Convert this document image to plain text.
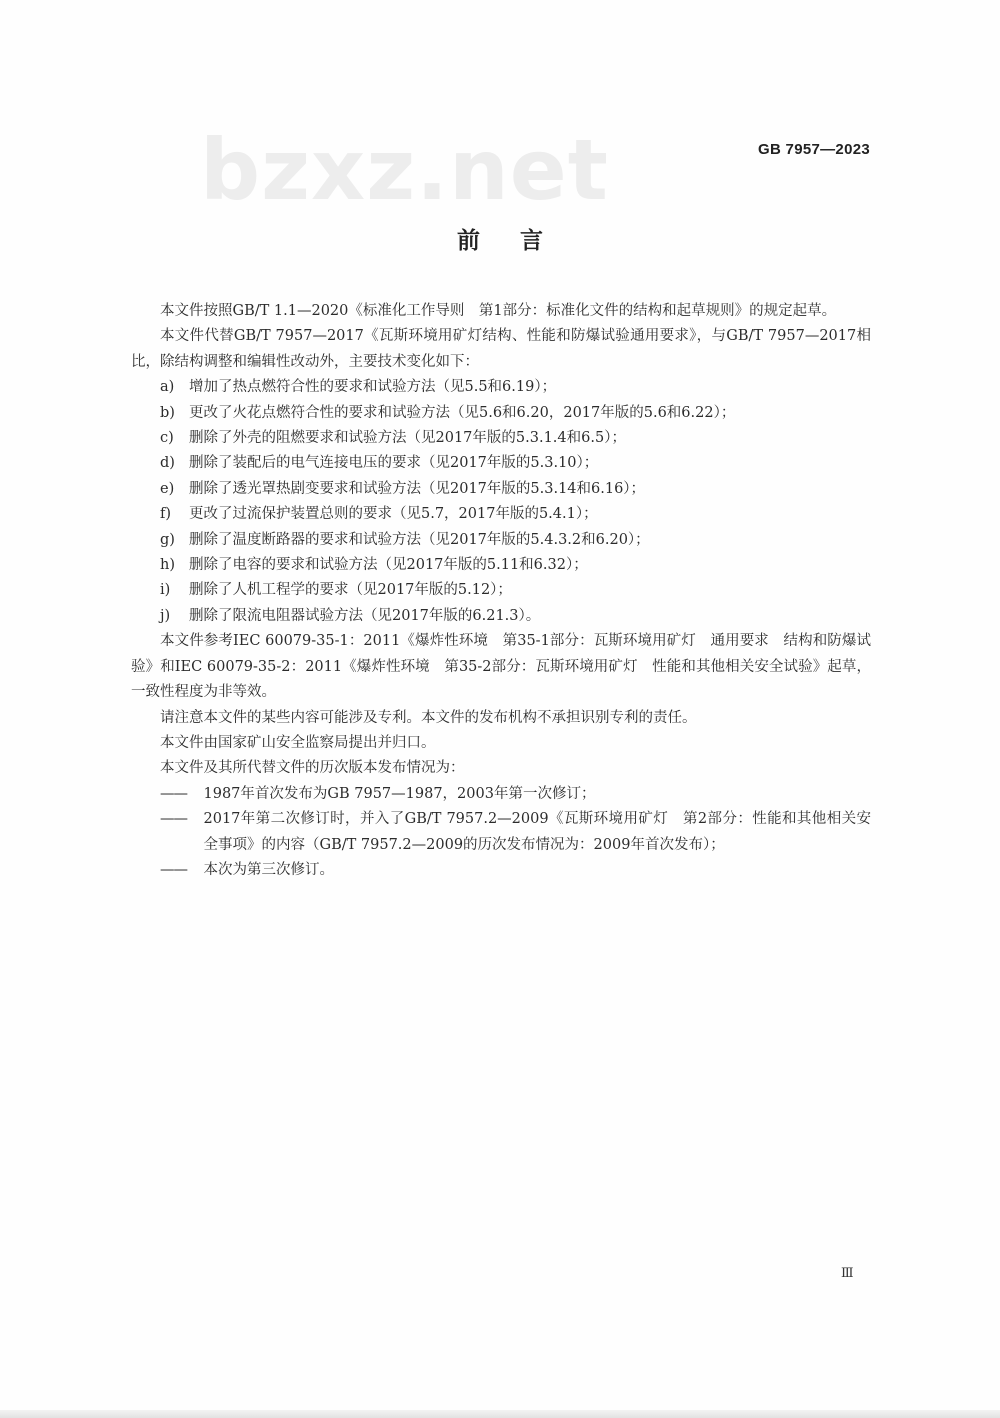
bzxz.net	GB 7957—2023
前言

本文件按照GB/T 1.1—2020《标准化工作导则　第1部分：标准化文件的结构和起草规则》的规定起草。

本文件代替GB/T 7957—2017《瓦斯环境用矿灯结构、性能和防爆试验通用要求》，与GB/T 7957—2017相比，除结构调整和编辑性改动外，主要技术变化如下：

a)	增加了热点燃符合性的要求和试验方法（见5.5和6.19）；

b) 更改了火花点燃符合性的要求和试验方法（见5.6和6.20，2017年版的5.6和6.22）；

c)	删除了外壳的阻燃要求和试验方法（见2017年版的5.3.1.4和6.5）；

d) 删除了装配后的电气连接电压的要求（见2017年版的5.3.10）；

e)	删除了透光罩热剧变要求和试验方法（见2017年版的5.3.14和6.16）；

f)	更改了过流保护装置总则的要求（见5.7，2017年版的5.4.1）；

g) 删除了温度断路器的要求和试验方法（见2017年版的5.4.3.2和6.20）；

h) 删除了电容的要求和试验方法（见2017年版的5.11和6.32）；

i)	删除了人机工程学的要求（见2017年版的5.12）；

j)	删除了限流电阻器试验方法（见2017年版的6.21.3）。

本文件参考IEC 60079-35-1：2011《爆炸性环境　第35-1部分：瓦斯环境用矿灯　通用要求　结构和防爆试验》和IEC 60079-35-2：2011《爆炸性环境　第35-2部分：瓦斯环境用矿灯　性能和其他相关安全试验》起草，一致性程度为非等效。

请注意本文件的某些内容可能涉及专利。本文件的发布机构不承担识别专利的责任。

本文件由国家矿山安全监察局提出并归口。

本文件及其所代替文件的历次版本发布情况为：

——	1987年首次发布为GB 7957—1987，2003年第一次修订；

——	2017年第二次修订时，并入了GB/T 7957.2—2009《瓦斯环境用矿灯　第2部分：性能和其他相关安全事项》的内容（GB/T 7957.2—2009的历次发布情况为：2009年首次发布）；

——	本次为第三次修订。

Ⅲ
